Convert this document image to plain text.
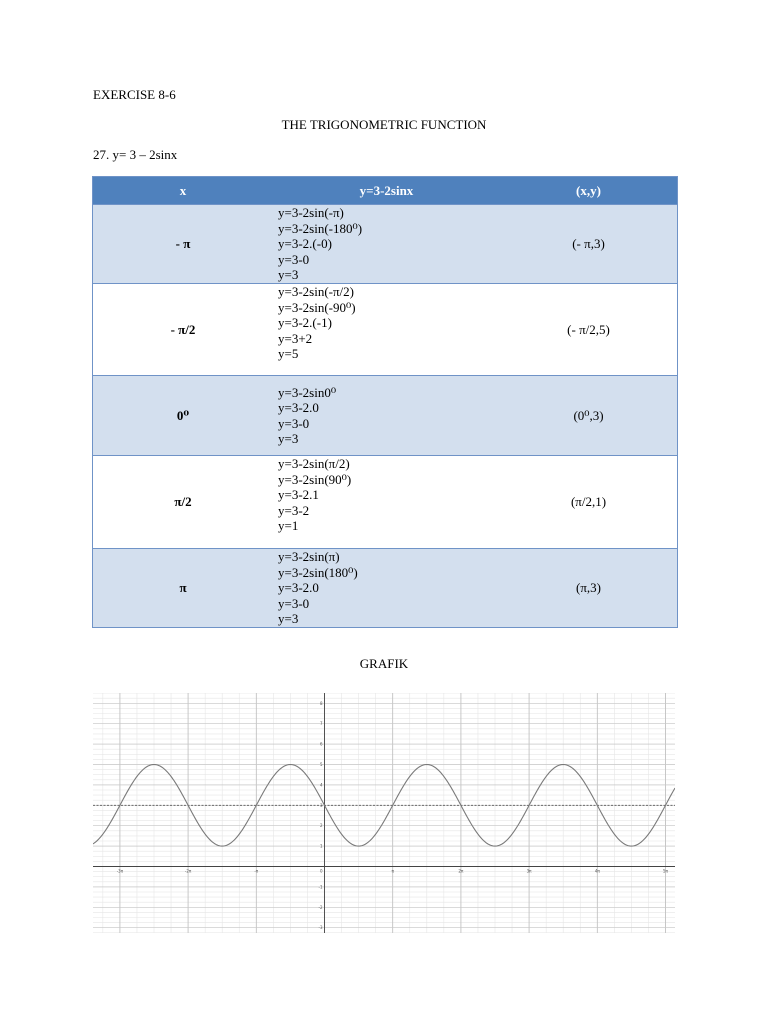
EXERCISE 8-6
THE TRIGONOMETRIC FUNCTION
27. y= 3 – 2sinx
x	y=3-2sinx	(x,y)
- π	y=3-2sin(-π)
y=3-2sin(-180⁰)
y=3-2.(-0)
y=3-0
y=3	(- π,3)
- π/2	y=3-2sin(-π/2)
y=3-2sin(-90⁰)
y=3-2.(-1)
y=3+2
y=5	(- π/2,5)
0⁰	y=3-2sin0⁰
y=3-2.0
y=3-0
y=3	(0⁰,3)
π/2	y=3-2sin(π/2)
y=3-2sin(90⁰)
y=3-2.1
y=3-2
y=1	(π/2,1)
π	y=3-2sin(π)
y=3-2sin(180⁰)
y=3-2.0
y=3-0
y=3	(π,3)
GRAFIK
-3π	-2π	-π	π	2π	3π	4π	5π
-3
-2
-1
1
2
3
4
5
6
7
8
0
